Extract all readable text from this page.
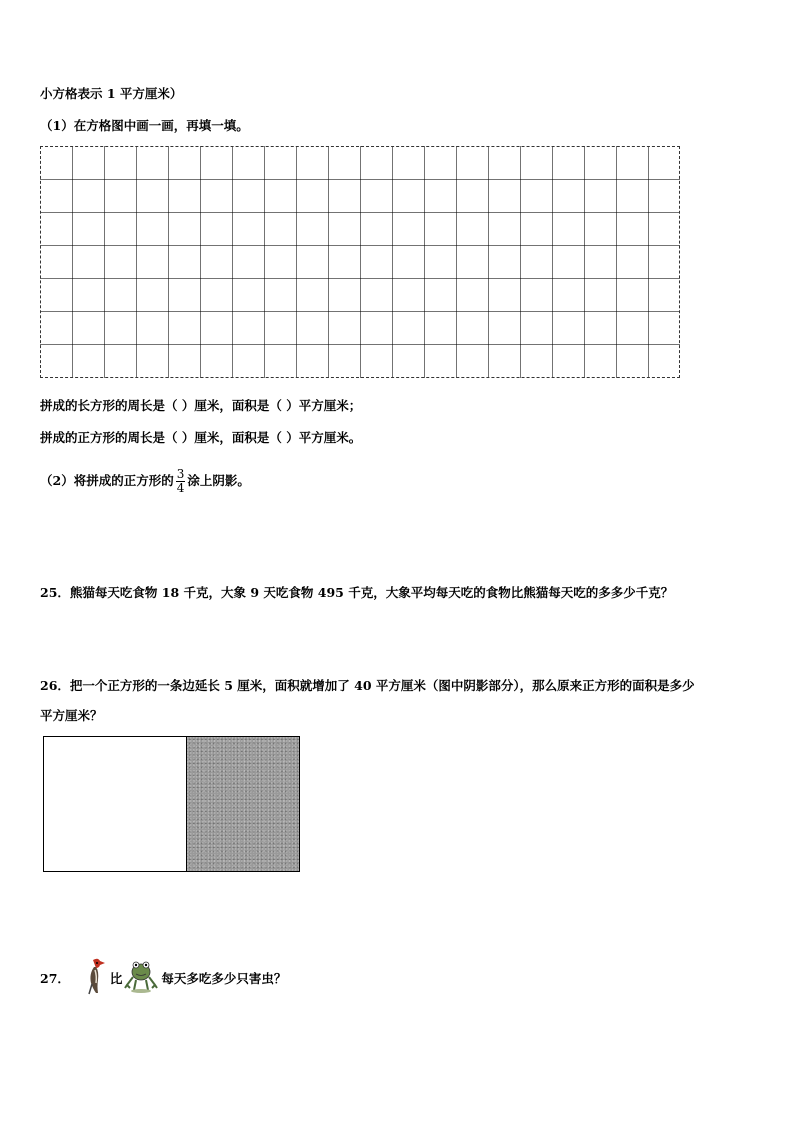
小方格表示 1 平方厘米）
（1）在方格图中画一画，再填一填。
拼成的长方形的周长是（ ）厘米，面积是（ ）平方厘米；
拼成的正方形的周长是（ ）厘米，面积是（ ）平方厘米。
（2）将拼成的正方形的 $\frac{3}{4}$ 涂上阴影。
25．熊猫每天吃食物 18 千克，大象 9 天吃食物 495 千克，大象平均每天吃的食物比熊猫每天吃的多多少千克？
26．把一个正方形的一条边延长 5 厘米，面积就增加了 40 平方厘米（图中阴影部分），那么原来正方形的面积是多少
平方厘米？
27．	比	每天多吃多少只害虫？
